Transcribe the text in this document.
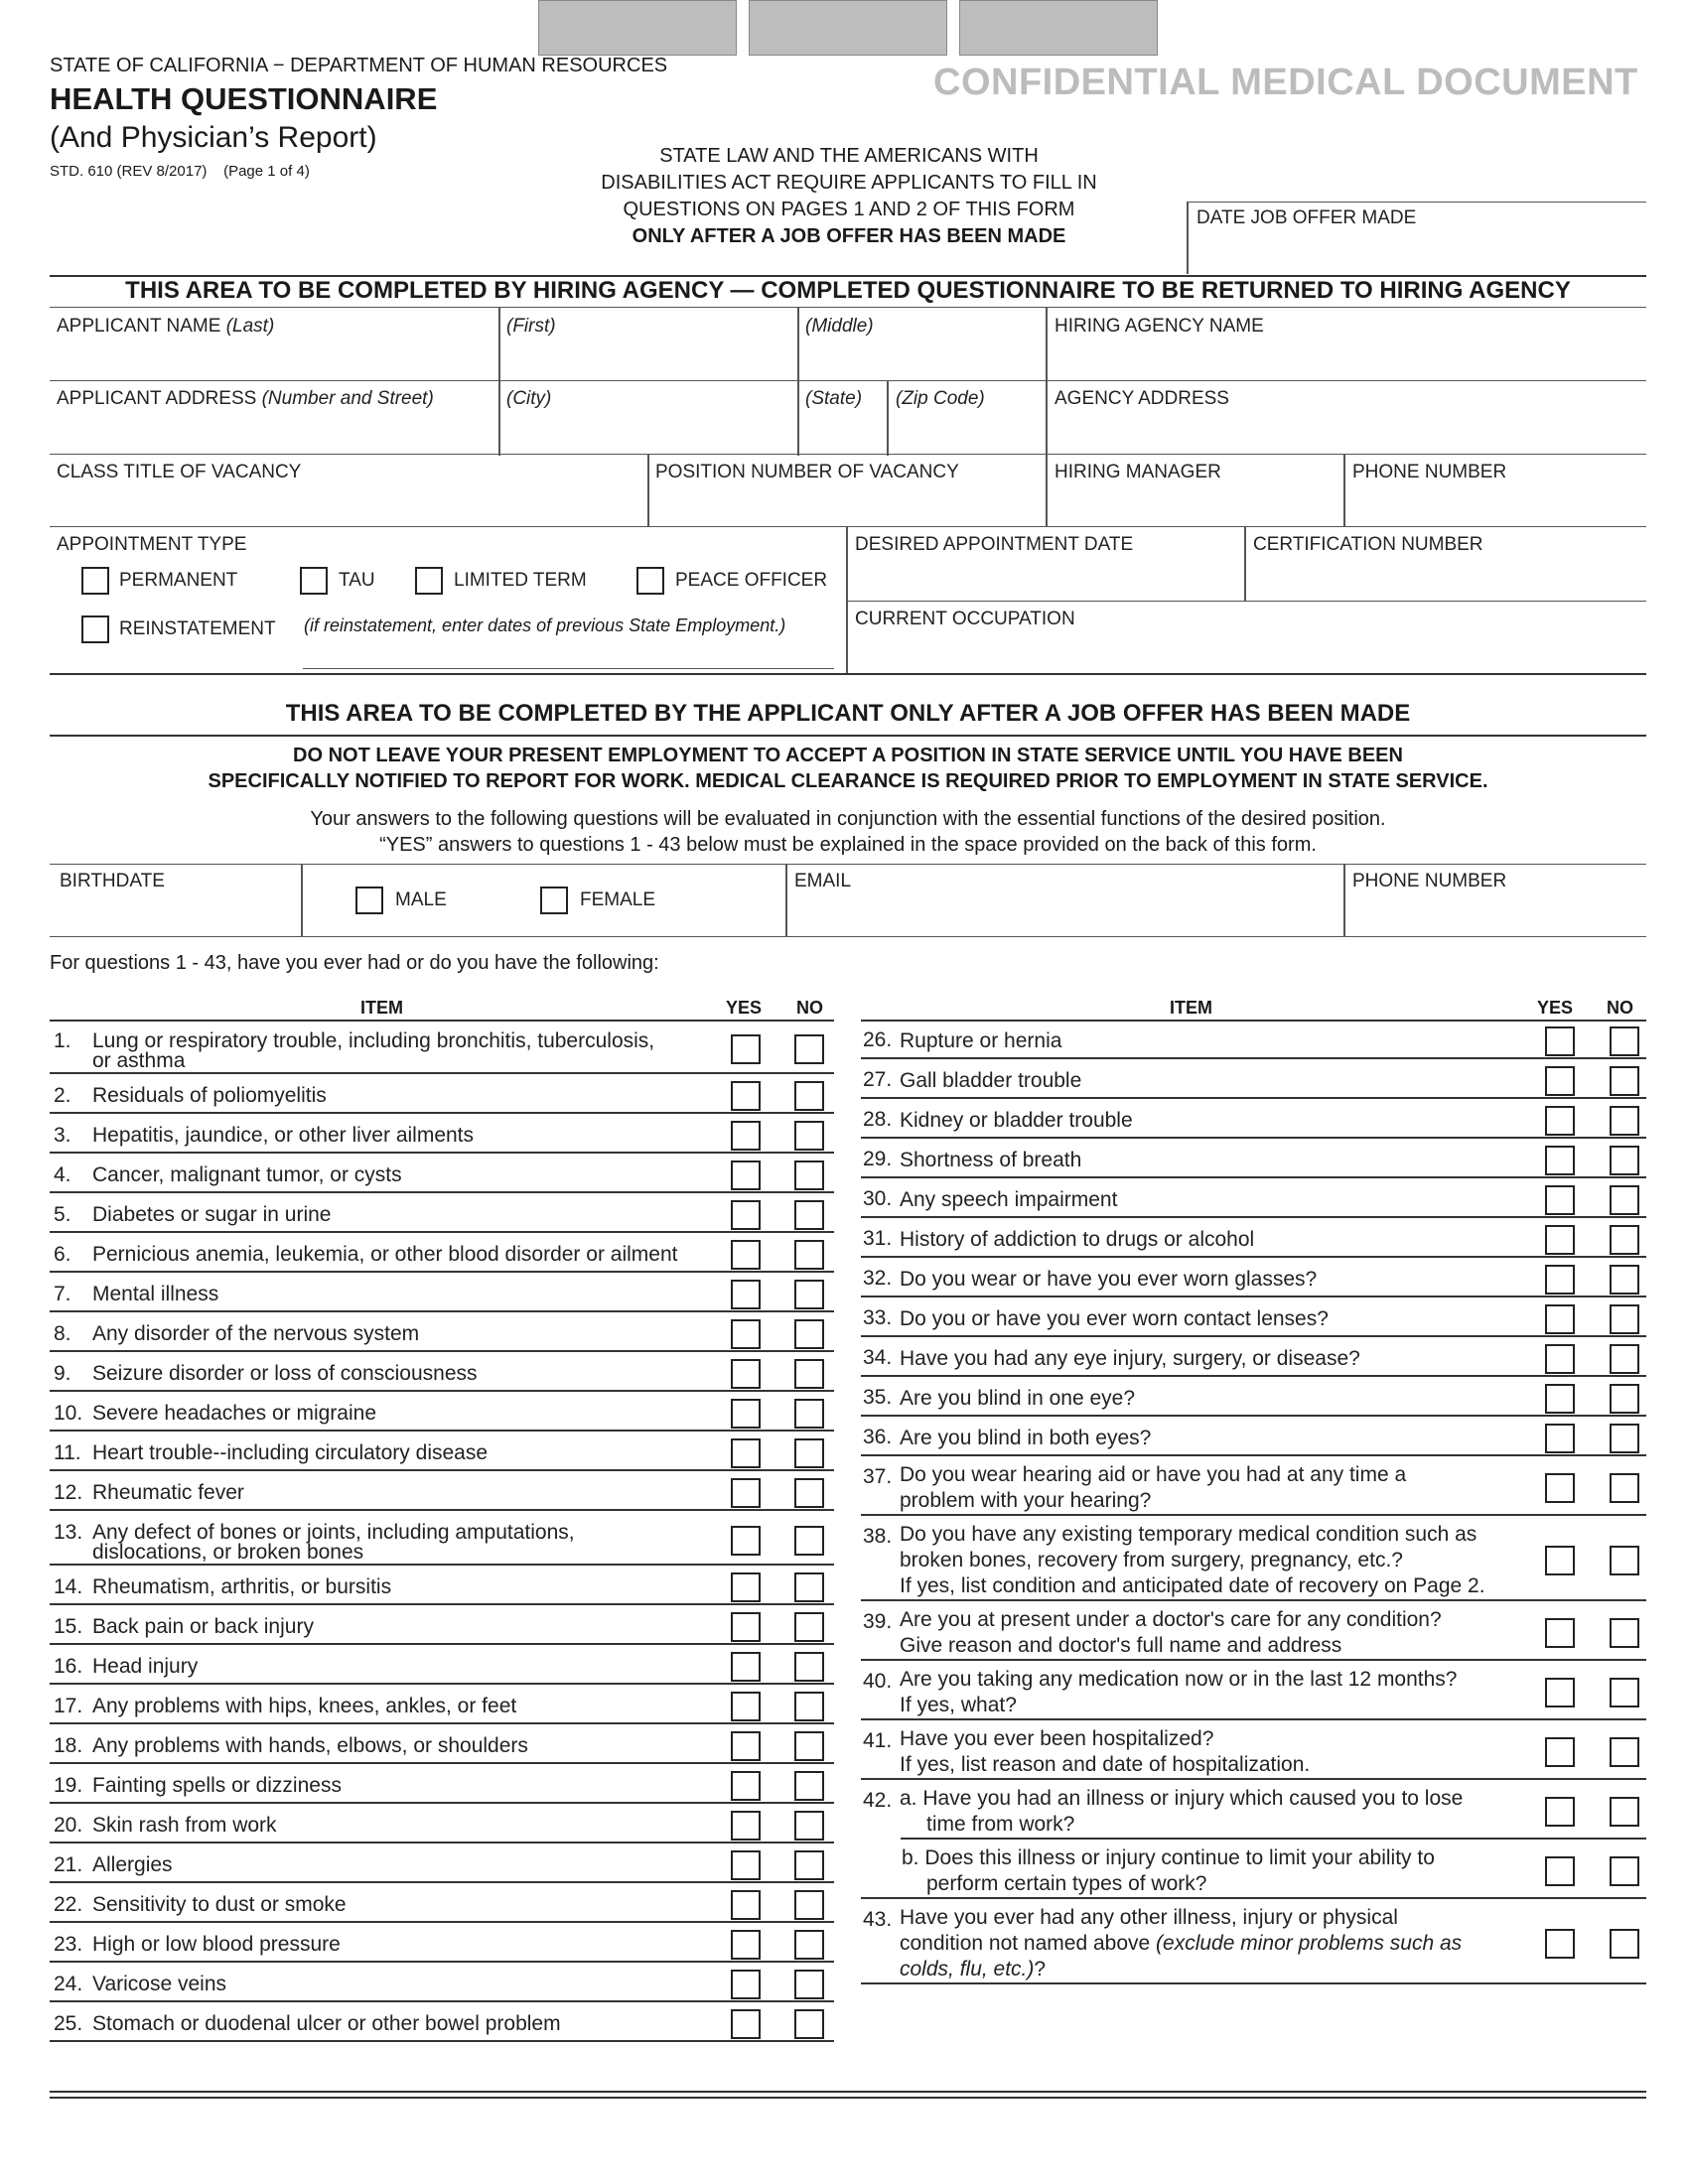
STATE OF CALIFORNIA − DEPARTMENT OF HUMAN RESOURCES
HEALTH QUESTIONNAIRE
(And Physician’s Report)
STD. 610 (REV 8/2017) (Page 1 of 4)
CONFIDENTIAL MEDICAL DOCUMENT
STATE LAW AND THE AMERICANS WITH
DISABILITIES ACT REQUIRE APPLICANTS TO FILL IN
QUESTIONS ON PAGES 1 AND 2 OF THIS FORM
ONLY AFTER A JOB OFFER HAS BEEN MADE
DATE JOB OFFER MADE
THIS AREA TO BE COMPLETED BY HIRING AGENCY — COMPLETED QUESTIONNAIRE TO BE RETURNED TO HIRING AGENCY
APPLICANT NAME (Last)	(First)	(Middle)	HIRING AGENCY NAME
APPLICANT ADDRESS (Number and Street)	(City)	(State) (Zip Code)	AGENCY ADDRESS
CLASS TITLE OF VACANCY	POSITION NUMBER OF VACANCY	HIRING MANAGER	PHONE NUMBER
APPOINTMENT TYPE
PERMANENT	TAU	LIMITED TERM	PEACE OFFICER
REINSTATEMENT (if reinstatement, enter dates of previous State Employment.)
DESIRED APPOINTMENT DATE	CERTIFICATION NUMBER
CURRENT OCCUPATION
THIS AREA TO BE COMPLETED BY THE APPLICANT ONLY AFTER A JOB OFFER HAS BEEN MADE
DO NOT LEAVE YOUR PRESENT EMPLOYMENT TO ACCEPT A POSITION IN STATE SERVICE UNTIL YOU HAVE BEEN
SPECIFICALLY NOTIFIED TO REPORT FOR WORK. MEDICAL CLEARANCE IS REQUIRED PRIOR TO EMPLOYMENT IN STATE SERVICE.
Your answers to the following questions will be evaluated in conjunction with the essential functions of the desired position.
“YES” answers to questions 1 - 43 below must be explained in the space provided on the back of this form.
BIRTHDATE
MALE	FEMALE
EMAIL	PHONE NUMBER
For questions 1 - 43, have you ever had or do you have the following:
ITEM	YES NO	ITEM	YES NO
1. Lung or respiratory trouble, including bronchitis, tuberculosis,
or asthma
2. Residuals of poliomyelitis
3. Hepatitis, jaundice, or other liver ailments
4. Cancer, malignant tumor, or cysts
5. Diabetes or sugar in urine
6. Pernicious anemia, leukemia, or other blood disorder or ailment
7. Mental illness
8. Any disorder of the nervous system
9. Seizure disorder or loss of consciousness
10. Severe headaches or migraine
11. Heart trouble--including circulatory disease
12. Rheumatic fever
13. Any defect of bones or joints, including amputations,
dislocations, or broken bones
14. Rheumatism, arthritis, or bursitis
15. Back pain or back injury
16. Head injury
17. Any problems with hips, knees, ankles, or feet
18. Any problems with hands, elbows, or shoulders
19. Fainting spells or dizziness
20. Skin rash from work
21. Allergies
22. Sensitivity to dust or smoke
23. High or low blood pressure
24. Varicose veins
25. Stomach or duodenal ulcer or other bowel problem
26. Rupture or hernia
27. Gall bladder trouble
28. Kidney or bladder trouble
29. Shortness of breath
30. Any speech impairment
31. History of addiction to drugs or alcohol
32. Do you wear or have you ever worn glasses?
33. Do you or have you ever worn contact lenses?
34. Have you had any eye injury, surgery, or disease?
35. Are you blind in one eye?
36. Are you blind in both eyes?
37. Do you wear hearing aid or have you had at any time a
problem with your hearing?
38. Do you have any existing temporary medical condition such as
broken bones, recovery from surgery, pregnancy, etc.?
If yes, list condition and anticipated date of recovery on Page 2.
39. Are you at present under a doctor's care for any condition?
Give reason and doctor's full name and address
40. Are you taking any medication now or in the last 12 months?
If yes, what?
41. Have you ever been hospitalized?
If yes, list reason and date of hospitalization.
42. a. Have you had an illness or injury which caused you to lose
time from work?
b. Does this illness or injury continue to limit your ability to
perform certain types of work?
43. Have you ever had any other illness, injury or physical
condition not named above (exclude minor problems such as
colds, flu, etc.)?
